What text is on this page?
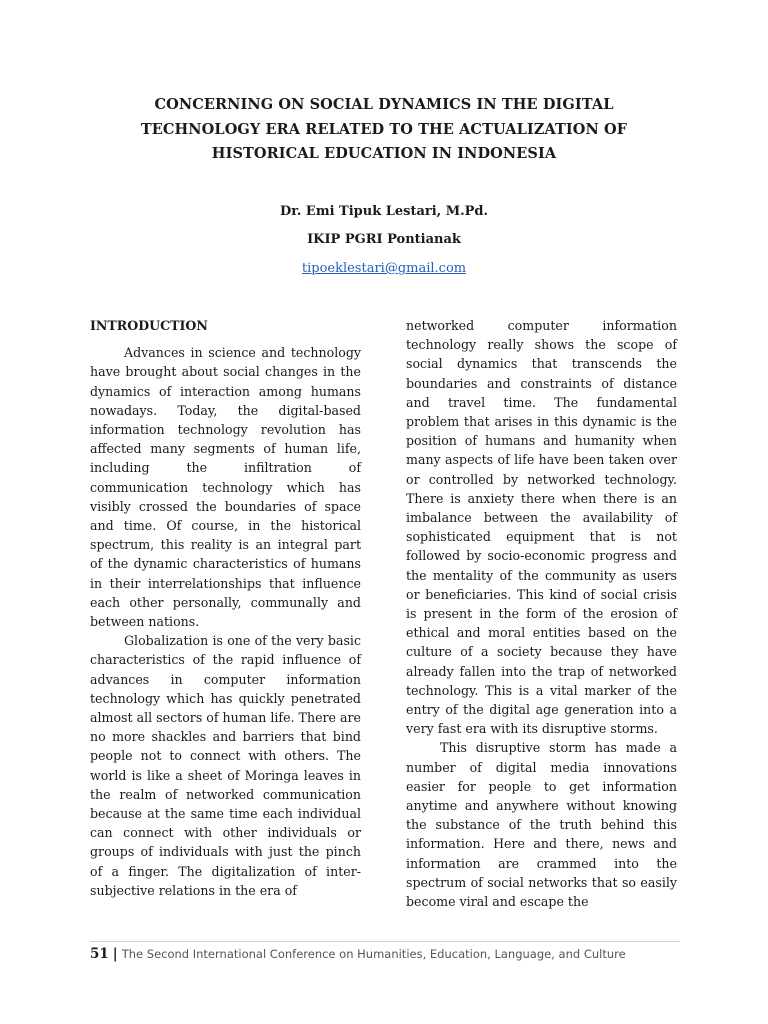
CONCERNING ON SOCIAL DYNAMICS IN THE DIGITAL
TECHNOLOGY ERA RELATED TO THE ACTUALIZATION OF
HISTORICAL EDUCATION IN INDONESIA
Dr. Emi Tipuk Lestari, M.Pd.
IKIP PGRI Pontianak
tipoeklestari@gmail.com
INTRODUCTION

Advances in science and technology have brought about social changes in the dynamics of interaction among humans nowadays. Today, the digital-based information technology revolution has affected many segments of human life, including the infiltration of communication technology which has visibly crossed the boundaries of space and time. Of course, in the historical spectrum, this reality is an integral part of the dynamic characteristics of humans in their interrelationships that influence each other personally, communally and between nations.

Globalization is one of the very basic characteristics of the rapid influence of advances in computer information technology which has quickly penetrated almost all sectors of human life. There are no more shackles and barriers that bind people not to connect with others. The world is like a sheet of Moringa leaves in the realm of networked communication because at the same time each individual can connect with other individuals or groups of individuals with just the pinch of a finger. The digitalization of inter-subjective relations in the era of

networked computer information technology really shows the scope of social dynamics that transcends the boundaries and constraints of distance and travel time. The fundamental problem that arises in this dynamic is the position of humans and humanity when many aspects of life have been taken over or controlled by networked technology. There is anxiety there when there is an imbalance between the availability of sophisticated equipment that is not followed by socio-economic progress and the mentality of the community as users or beneficiaries. This kind of social crisis is present in the form of the erosion of ethical and moral entities based on the culture of a society because they have already fallen into the trap of networked technology. This is a vital marker of the entry of the digital age generation into a very fast era with its disruptive storms.

This disruptive storm has made a number of digital media innovations easier for people to get information anytime and anywhere without knowing the substance of the truth behind this information. Here and there, news and information are crammed into the spectrum of social networks that so easily become viral and escape the

51 | The Second International Conference on Humanities, Education, Language, and Culture
